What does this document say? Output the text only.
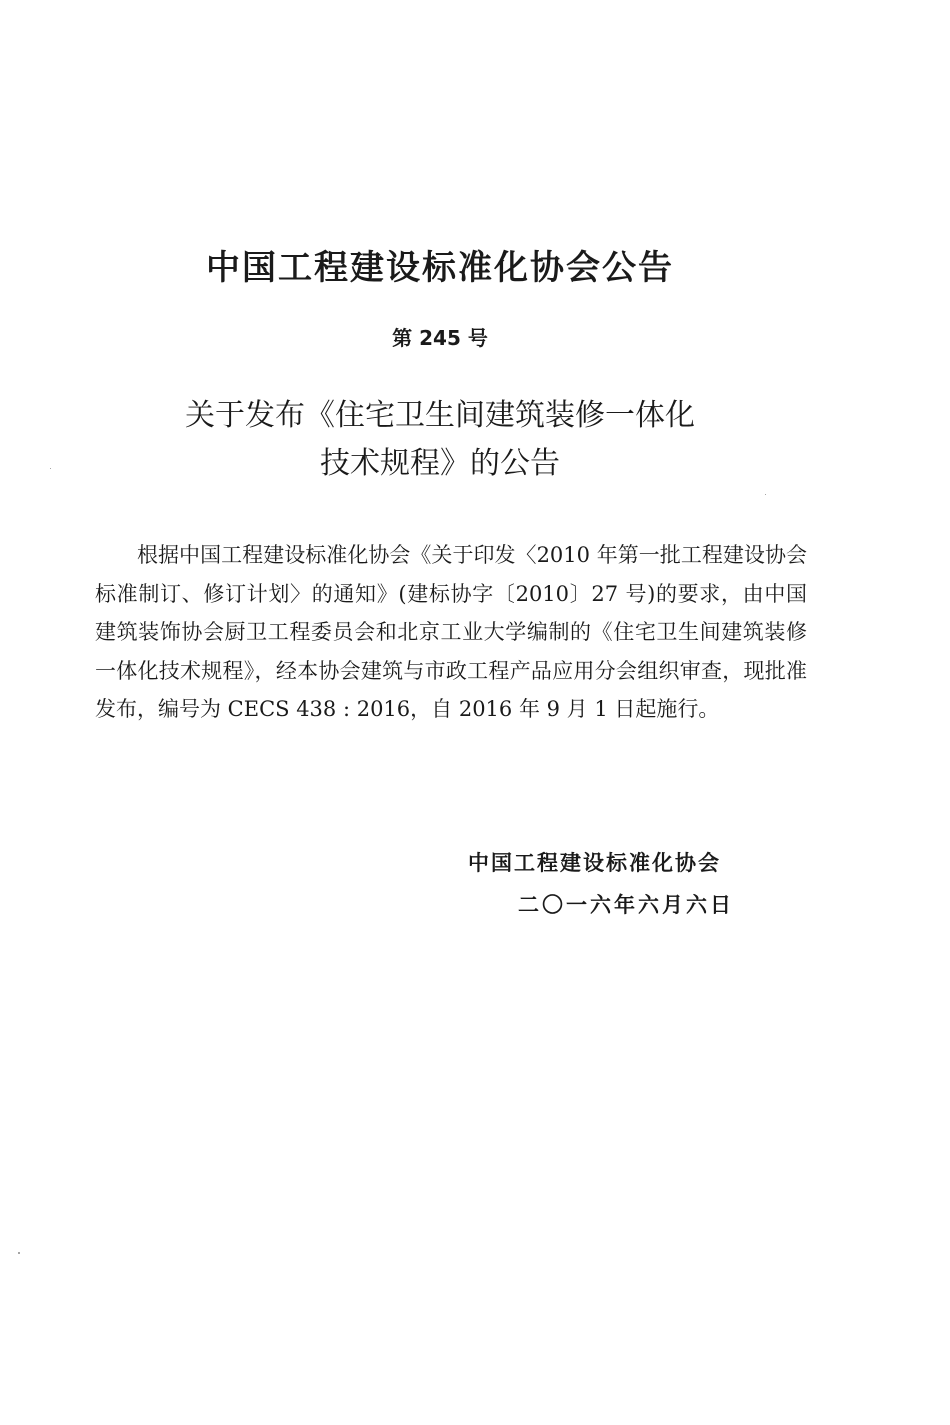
中国工程建设标准化协会公告
第 245 号
关于发布《住宅卫生间建筑装修一体化
技术规程》的公告

根据中国工程建设标准化协会《关于印发〈2010 年第一批工程建设协会标准制订、修订计划〉的通知》(建标协字〔2010〕27 号)的要求，由中国建筑装饰协会厨卫工程委员会和北京工业大学编制的《住宅卫生间建筑装修一体化技术规程》，经本协会建筑与市政工程产品应用分会组织审查，现批准发布，编号为 CECS 438 : 2016，自 2016 年 9 月 1 日起施行。

中国工程建设标准化协会
二〇一六年六月六日
